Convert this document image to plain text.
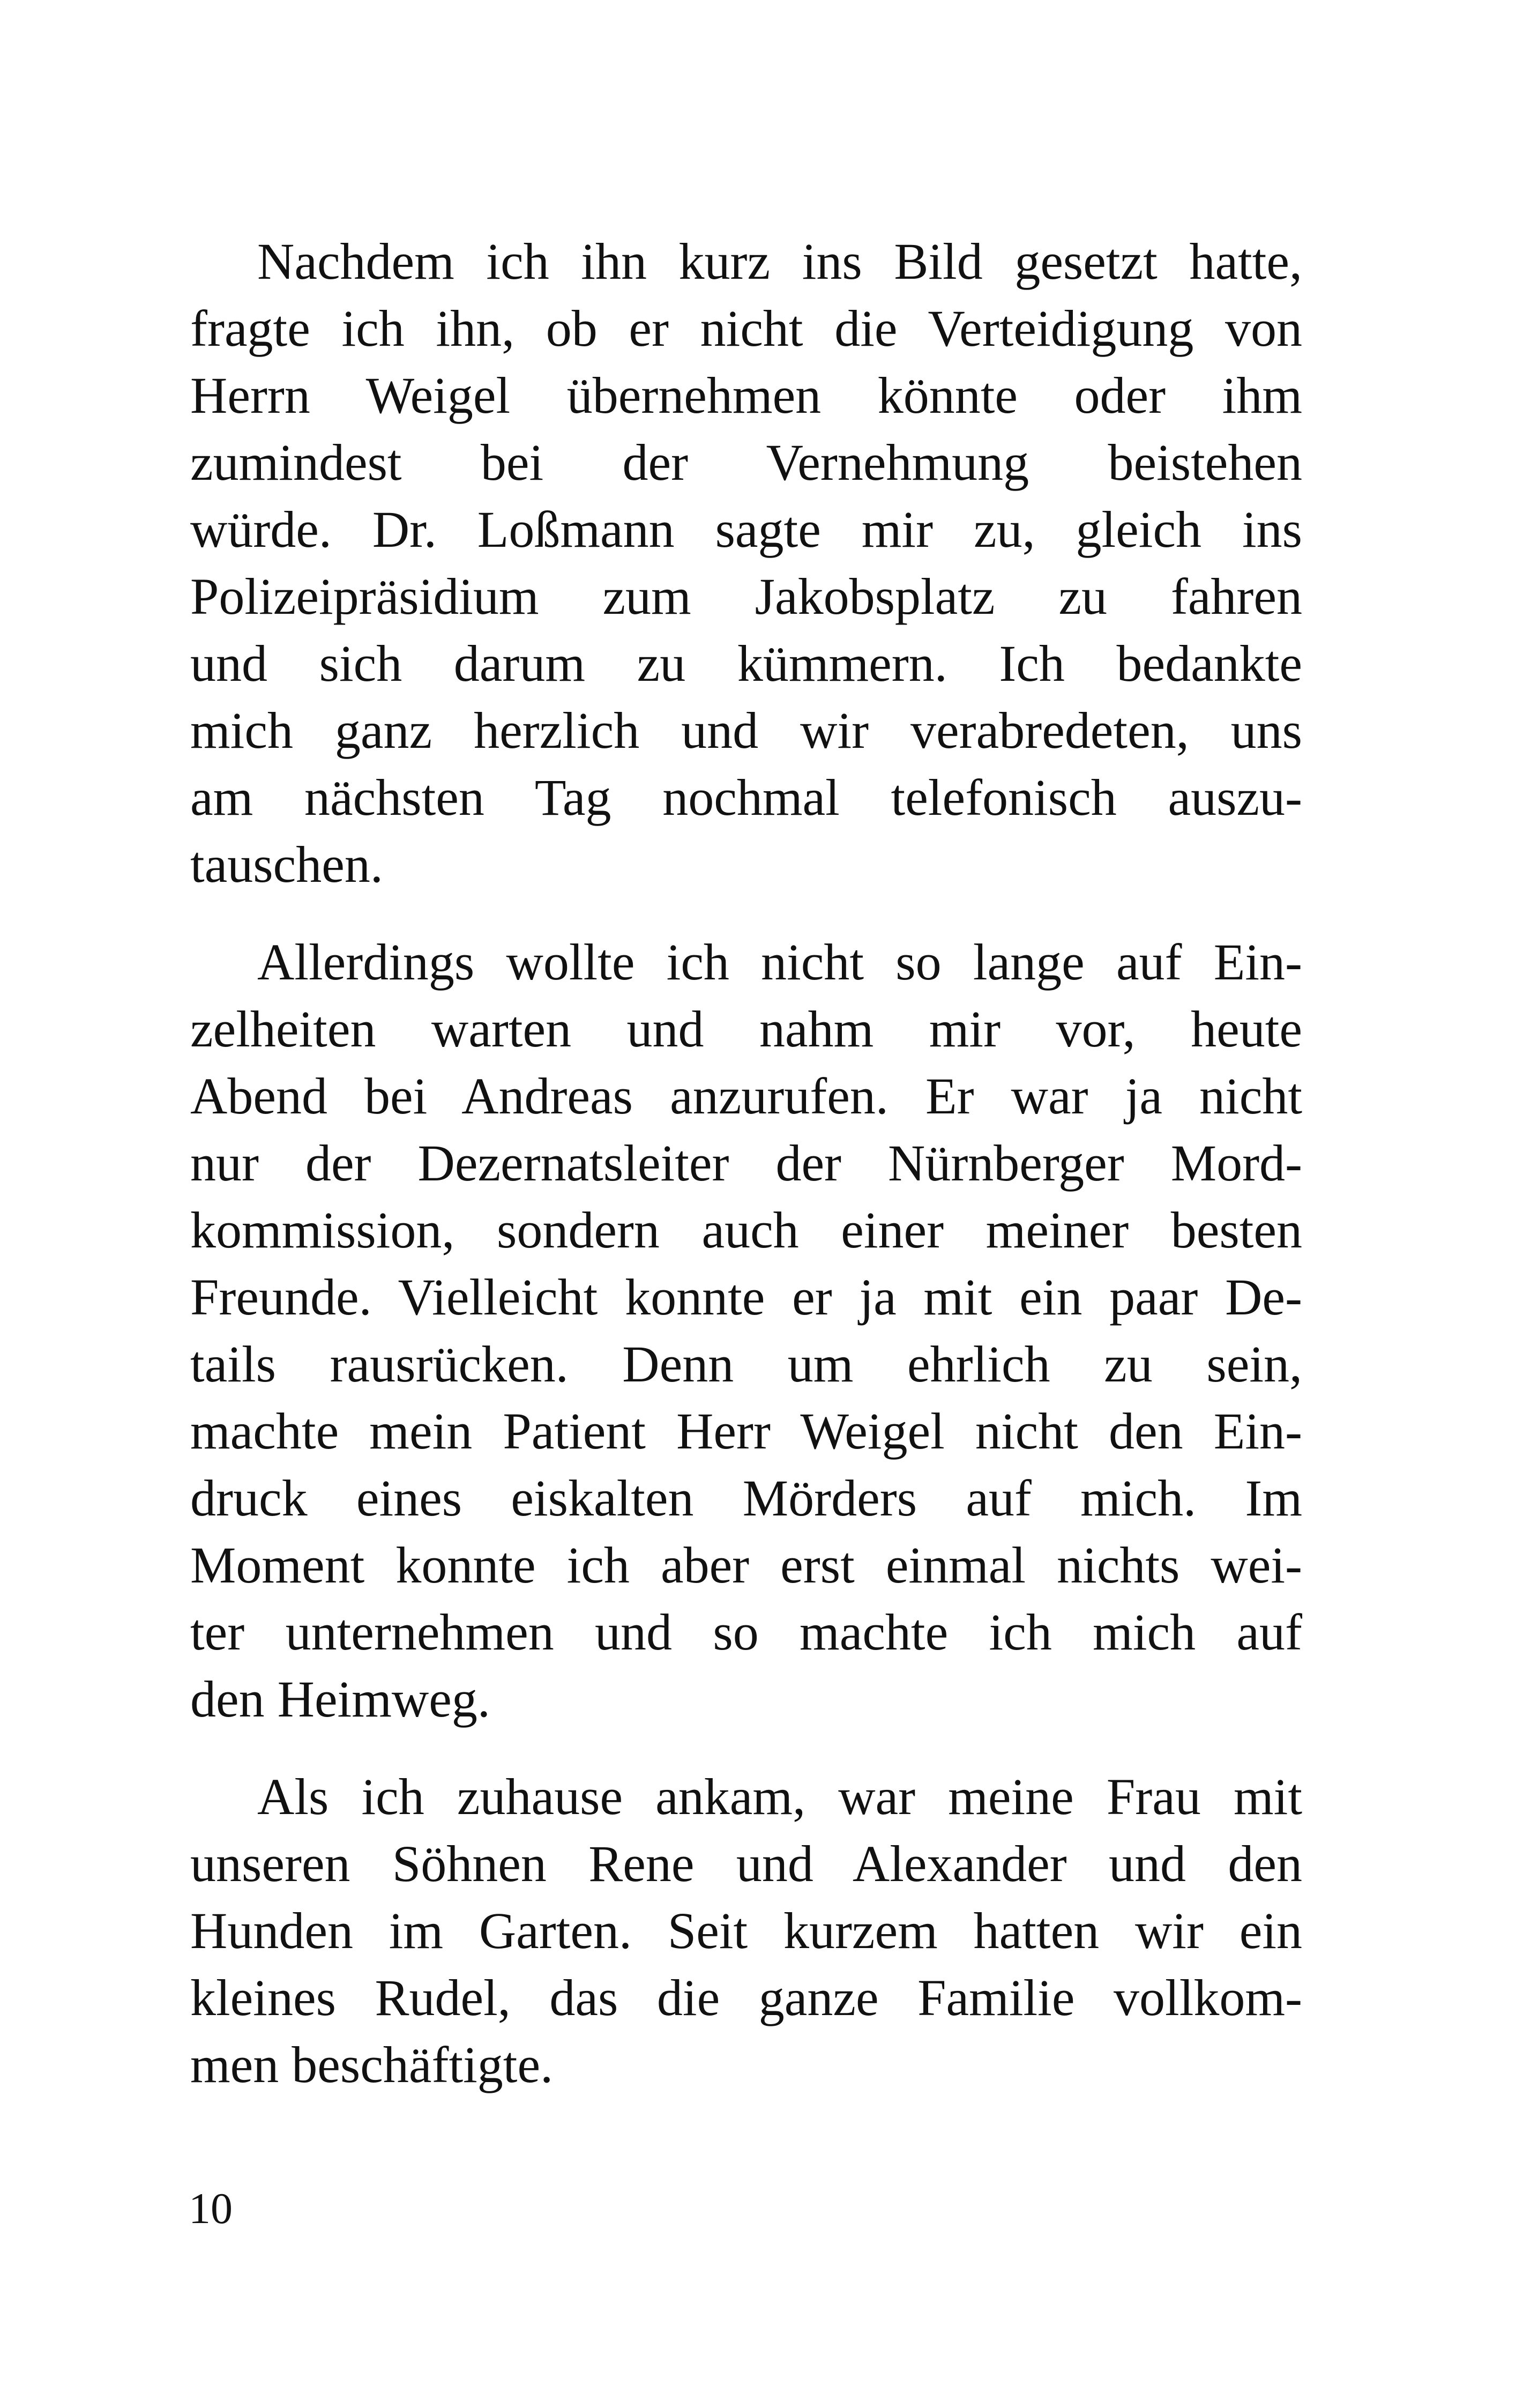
Nachdem ich ihn kurz ins Bild gesetzt hatte,
fragte ich ihn, ob er nicht die Verteidigung von
Herrn Weigel übernehmen könnte oder ihm
zumindest bei der Vernehmung beistehen
würde. Dr. Loßmann sagte mir zu, gleich ins
Polizeipräsidium zum Jakobsplatz zu fahren
und sich darum zu kümmern. Ich bedankte
mich ganz herzlich und wir verabredeten, uns
am nächsten Tag nochmal telefonisch auszu-
tauschen.

Allerdings wollte ich nicht so lange auf Ein-
zelheiten warten und nahm mir vor, heute
Abend bei Andreas anzurufen. Er war ja nicht
nur der Dezernatsleiter der Nürnberger Mord-
kommission, sondern auch einer meiner besten
Freunde. Vielleicht konnte er ja mit ein paar De-
tails rausrücken. Denn um ehrlich zu sein,
machte mein Patient Herr Weigel nicht den Ein-
druck eines eiskalten Mörders auf mich. Im
Moment konnte ich aber erst einmal nichts wei-
ter unternehmen und so machte ich mich auf
den Heimweg.

Als ich zuhause ankam, war meine Frau mit
unseren Söhnen Rene und Alexander und den
Hunden im Garten. Seit kurzem hatten wir ein
kleines Rudel, das die ganze Familie vollkom-
men beschäftigte.

10
